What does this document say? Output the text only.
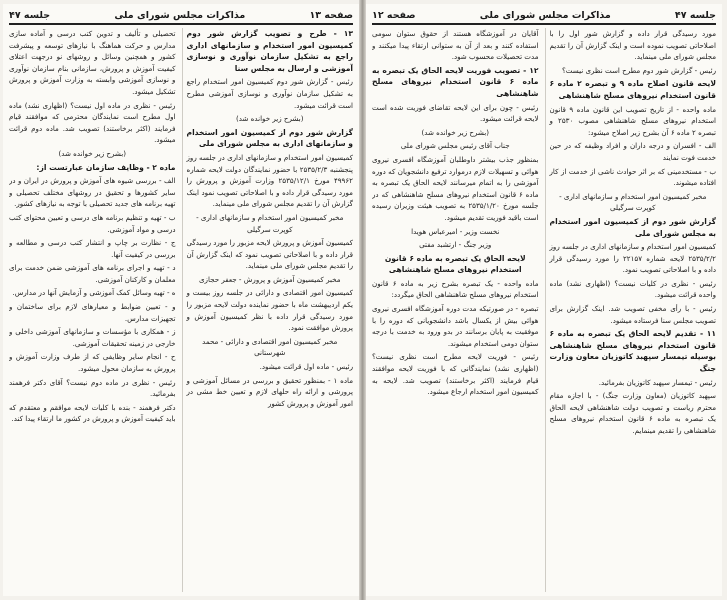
صفحه ۱۳
مذاکرات مجلس شورای ملی
جلسه ۴۷

۱۳ - طرح و تصویب گزارش شور دوم کمیسیون امور استخدام و سازمانهای اداری راجع به تشکیل سازمان نوآوری و نوسازی آموزشی و ارسال به مجلس سنا

رئیس - گزارش شور دوم کمیسیون امور استخدام راجع به تشکیل سازمان نوآوری و نوسازی آموزشی مطرح است قرائت میشود.

(بشرح زیر خوانده شد)

گزارش شور دوم از کمیسیون امور استخدام و سازمانهای اداری به مجلس شورای ملی

کمیسیون امور استخدام و سازمانهای اداری در جلسه روز پنجشنبه ۲۵۳۵/۲/۳ با حضور نمایندگان دولت لایحه شماره ۴۹۹۶۲ مورخ ۲۵۳۵/۱۲/۱ وزارت آموزش و پرورش را مورد رسیدگی قرار داده و با اصلاحاتی تصویب نمود اینک گزارش آن را تقدیم مجلس شورای ملی مینماید.

مخبر کمیسیون امور استخدام و سازمانهای اداری - کوپرت سرگیلی

کمیسیون آموزش و پرورش لایحه مزبور را مورد رسیدگی قرار داده و با اصلاحاتی تصویب نمود که اینک گزارش آن را تقدیم مجلس شورای ملی مینماید.

مخبر کمیسیون آموزش و پرورش - جعفر حجازی

کمیسیون امور اقتصادی و دارائی در جلسه روز بیست و یکم اردیبهشت ماه با حضور نماینده دولت لایحه مزبور را مورد رسیدگی قرار داده با نظر کمیسیون آموزش و پرورش موافقت نمود.

مخبر کمیسیون امور اقتصادی و دارائی - محمد شهرستانی

رئیس - ماده اول قرائت میشود.

ماده ۱ - بمنظور تحقیق و بررسی در مسائل آموزشی و پرورشی و ارائه راه حلهای لازم و تعیین خط مشی در امور آموزش و پرورش کشور

تحصیلی و تألیف و تدوین کتب درسی و آماده سازی مدارس و حرکت هماهنگ با نیازهای توسعه و پیشرفت کشور و همچنین وسائل و روشهای نو درجهت اعتلای کیفیت آموزش و پرورش، سازمانی بنام سازمان نوآوری و نوسازی آموزشی وابسته به وزارت آموزش و پرورش تشکیل میشود.

رئیس - نظری در ماده اول نیست؟ (اظهاری نشد) ماده اول مطرح است نمایندگان محترمی که موافقند قیام فرمایند (اکثر برخاستند) تصویب شد. ماده دوم قرائت میشود.

(بشرح زیر خوانده شد)

ماده ۲ - وظایف سازمان عبارتست از:

الف - بررسی شیوه های آموزش و پرورش در ایران و در سایر کشورها و تحقیق در روشهای مختلف تحصیلی و تهیه برنامه های جدید تحصیلی با توجه به نیازهای کشور.

ب - تهیه و تنظیم برنامه های درسی و تعیین محتوای کتب درسی و مواد آموزشی.

ج - نظارت بر چاپ و انتشار کتب درسی و مطالعه و بررسی در کیفیت آنها.

د - تهیه و اجرای برنامه های آموزشی ضمن خدمت برای معلمان و کارکنان آموزشی.

ه - تهیه وسائل کمک آموزشی و آزمایش آنها در مدارس.

و - تعیین ضوابط و معیارهای لازم برای ساختمان و تجهیزات مدارس.

ز - همکاری با مؤسسات و سازمانهای آموزشی داخلی و خارجی در زمینه تحقیقات آموزشی.

ح - انجام سایر وظایفی که از طرف وزارت آموزش و پرورش به سازمان محول میشود.

رئیس - نظری در ماده دوم نیست؟ آقای دکتر فرهمند بفرمائید.

دکتر فرهمند - بنده با کلیات لایحه موافقم و معتقدم که باید کیفیت آموزش و پرورش در کشور ما ارتقاء پیدا کند.

جلسه ۴۷
مذاکرات مجلس شورای ملی
صفحه ۱۲

مورد رسیدگی قرار داده و گزارش شور اول را با اصلاحاتی تصویب نموده است و اینک گزارش آن را تقدیم مجلس شورای ملی مینماید.

رئیس - گزارش شور دوم مطرح است نظری نیست؟

لایحه قانون اصلاح ماده ۹ و تبصره ۲ ماده ۶ قانون استخدام نیروهای مسلح شاهنشاهی

ماده واحده - از تاریخ تصویب این قانون ماده ۹ قانون استخدام نیروهای مسلح شاهنشاهی مصوب ۲۵۳۰ و تبصره ۲ ماده ۶ آن بشرح زیر اصلاح میشود:

الف - افسران و درجه داران و افراد وظیفه که در حین خدمت فوت نمایند

ب - مستخدمینی که بر اثر حوادث ناشی از خدمت از کار افتاده میشوند.

مخبر کمیسیون امور استخدام و سازمانهای اداری - کوپرت سرگیلی

گزارش شور دوم از کمیسیون امور استخدام به مجلس شورای ملی

کمیسیون امور استخدام و سازمانهای اداری در جلسه روز ۲۵۳۵/۲/۲ لایحه شماره ۲۲۱۵۷ را مورد رسیدگی قرار داده و با اصلاحاتی تصویب نمود.

رئیس - نظری در کلیات نیست؟ (اظهاری نشد) ماده واحده قرائت میشود.

رئیس - با رأی مخفی تصویب شد. اینک گزارش برای تصویب مجلس سنا فرستاده میشود.

۱۱ - تقدیم لایحه الحاق یک تبصره به ماده ۶ قانون استخدام نیروهای مسلح شاهنشاهی بوسیله تیمسار سپهبد کاتوزیان معاون وزارت جنگ

رئیس - تیمسار سپهبد کاتوزیان بفرمائید.

سپهبد کاتوزیان (معاون وزارت جنگ) - با اجازه مقام محترم ریاست و تصویب دولت شاهنشاهی لایحه الحاق یک تبصره به ماده ۶ قانون استخدام نیروهای مسلح شاهنشاهی را تقدیم مینمایم.

آقایان در آموزشگاه هستند از حقوق ستوان سومی استفاده کنند و بعد از آن به ستوانی ارتقاء پیدا میکنند و مدت تحصیلات محسوب شود.

۱۲ - تصویب فوریت لایحه الحاق یک تبصره به ماده ۶ قانون استخدام نیروهای مسلح شاهنشاهی

رئیس - چون برای این لایحه تقاضای فوریت شده است لایحه قرائت میشود.

(بشرح زیر خوانده شد)

جناب آقای رئیس مجلس شورای ملی

بمنظور جذب بیشتر داوطلبان آموزشگاه افسری نیروی هوائی و تسهیلات لازم درموارد ترفیع دانشجویان که دوره آموزشی را به اتمام میرسانند لایحه الحاق یک تبصره به ماده ۶ قانون استخدام نیروهای مسلح شاهنشاهی که در جلسه مورخ ۲۵۳۵/۱/۲۰ به تصویب هیئت وزیران رسیده است باقید فوریت تقدیم میشود.

نخست وزیر - امیرعباس هویدا

وزیر جنگ - ارتشبد مفتی

لایحه الحاق یک تبصره به ماده ۶ قانون استخدام نیروهای مسلح شاهنشاهی

ماده واحده - یک تبصره بشرح زیر به ماده ۶ قانون استخدام نیروهای مسلح شاهنشاهی الحاق میگردد:

تبصره - در صورتیکه مدت دوره آموزشگاه افسری نیروی هوائی بیش از یکسال باشد دانشجویانی که دوره را با موفقیت به پایان برسانند در بدو ورود به خدمت با درجه ستوان دومی استخدام میشوند.

رئیس - فوریت لایحه مطرح است نظری نیست؟ (اظهاری نشد) نمایندگانی که با فوریت لایحه موافقند قیام فرمایند (اکثر برخاستند) تصویب شد. لایحه به کمیسیون امور استخدام ارجاع میشود.
